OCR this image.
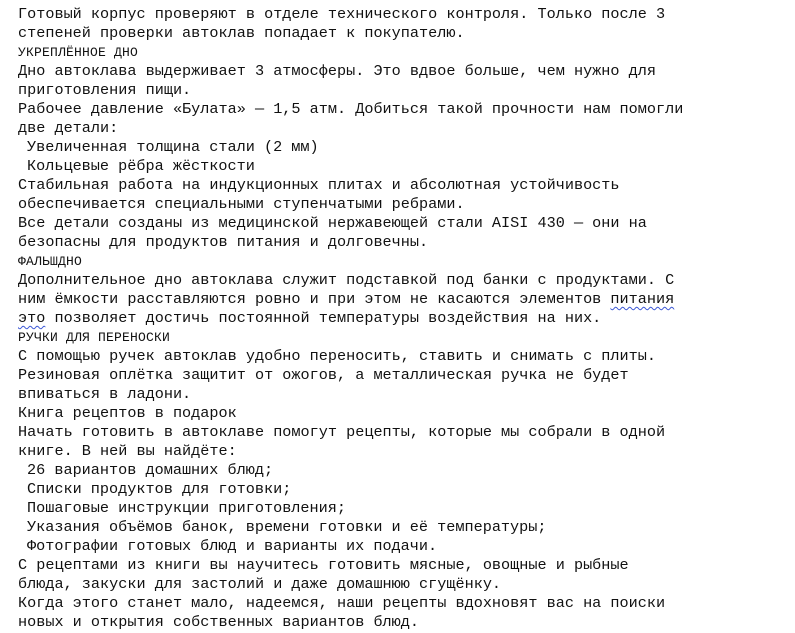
Готовый корпус проверяют в отделе технического контроля. Только после 3
степеней проверки автоклав попадает к покупателю.
УКРЕПЛЁННОЕ ДНО
Дно автоклава выдерживает 3 атмосферы. Это вдвое больше, чем нужно для
приготовления пищи.
Рабочее давление «Булата» — 1,5 атм. Добиться такой прочности нам помогли
две детали:
Увеличенная толщина стали (2 мм)
Кольцевые рёбра жёсткости
Стабильная работа на индукционных плитах и абсолютная устойчивость
обеспечивается специальными ступенчатыми ребрами.
Все детали созданы из медицинской нержавеющей стали AISI 430 — они на
безопасны для продуктов питания и долговечны.
ФАЛЬШДНО
Дополнительное дно автоклава служит подставкой под банки с продуктами. С
ним ёмкости расставляются ровно и при этом не касаются элементов питания
это позволяет достичь постоянной температуры воздействия на них.
РУЧКИ ДЛЯ ПЕРЕНОСКИ
С помощью ручек автоклав удобно переносить, ставить и снимать с плиты.
Резиновая оплётка защитит от ожогов, а металлическая ручка не будет
впиваться в ладони.
Книга рецептов в подарок
Начать готовить в автоклаве помогут рецепты, которые мы собрали в одной
книге. В ней вы найдёте:
26 вариантов домашних блюд;
Списки продуктов для готовки;
Пошаговые инструкции приготовления;
Указания объёмов банок, времени готовки и её температуры;
Фотографии готовых блюд и варианты их подачи.
С рецептами из книги вы научитесь готовить мясные, овощные и рыбные
блюда, закуски для застолий и даже домашнюю сгущёнку.
Когда этого станет мало, надеемся, наши рецепты вдохновят вас на поиски
новых и открытия собственных вариантов блюд.
